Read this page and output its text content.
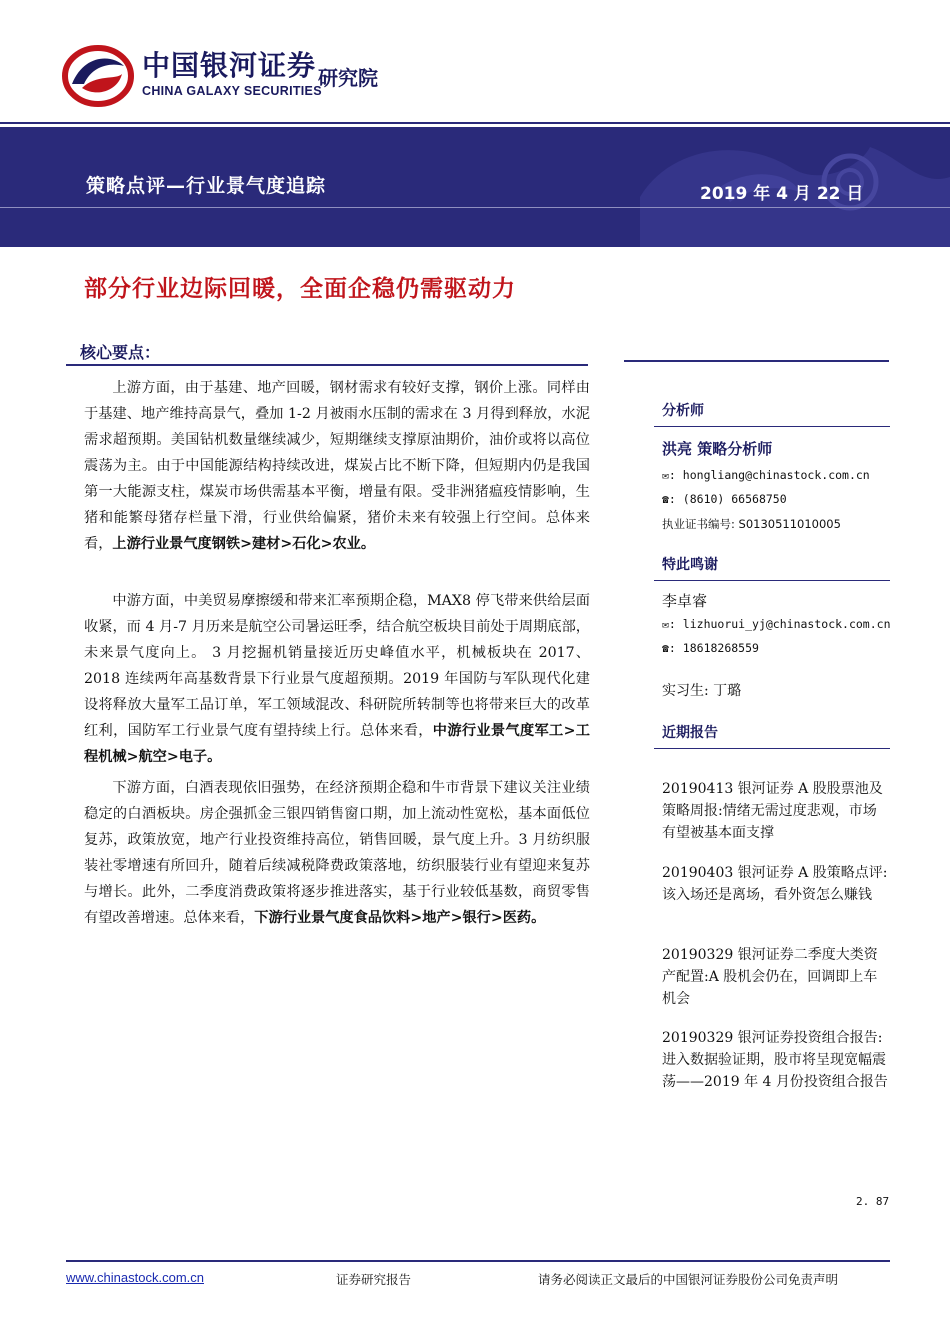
中国银河证券
CHINA GALAXY SECURITIES
研究院
策略点评—行业景气度追踪	2019 年 4 月 22 日
部分行业边际回暖，全面企稳仍需驱动力
核心要点：

上游方面，由于基建、地产回暖，钢材需求有较好支撑，钢价上涨。同样由于基建、地产维持高景气，叠加 1-2 月被雨水压制的需求在 3 月得到释放，水泥需求超预期。美国钻机数量继续减少，短期继续支撑原油期价，油价或将以高位震荡为主。由于中国能源结构持续改进，煤炭占比不断下降，但短期内仍是我国第一大能源支柱，煤炭市场供需基本平衡，增量有限。受非洲猪瘟疫情影响，生猪和能繁母猪存栏量下滑，行业供给偏紧，猪价未来有较强上行空间。总体来看，上游行业景气度钢铁>建材>石化>农业。

中游方面，中美贸易摩擦缓和带来汇率预期企稳，MAX8 停飞带来供给层面收紧，而 4 月-7 月历来是航空公司暑运旺季，结合航空板块目前处于周期底部，未来景气度向上。 3 月挖掘机销量接近历史峰值水平，机械板块在 2017、2018 连续两年高基数背景下行业景气度超预期。2019 年国防与军队现代化建设将释放大量军工品订单，军工领域混改、科研院所转制等也将带来巨大的改革红利，国防军工行业景气度有望持续上行。总体来看，中游行业景气度军工>工程机械>航空>电子。

下游方面，白酒表现依旧强势，在经济预期企稳和牛市背景下建议关注业绩稳定的白酒板块。房企强抓金三银四销售窗口期，加上流动性宽松，基本面低位复苏，政策放宽，地产行业投资维持高位，销售回暖，景气度上升。3 月纺织服装社零增速有所回升，随着后续减税降费政策落地，纺织服装行业有望迎来复苏与增长。此外，二季度消费政策将逐步推进落实，基于行业较低基数，商贸零售有望改善增速。总体来看，下游行业景气度食品饮料>地产>银行>医药。

分析师
洪亮 策略分析师
✉: hongliang@chinastock.com.cn
☎: (8610) 66568750
执业证书编号: S0130511010005
特此鸣谢
李卓睿
✉: lizhuorui_yj@chinastock.com.cn
☎: 18618268559
实习生: 丁璐
近期报告
20190413 银河证券 A 股股票池及策略周报:情绪无需过度悲观，市场有望被基本面支撑
20190403 银河证券 A 股策略点评: 该入场还是离场，看外资怎么赚钱
20190329 银河证券二季度大类资产配置:A 股机会仍在，回调即上车机会
20190329 银河证券投资组合报告: 进入数据验证期，股市将呈现宽幅震荡——2019 年 4 月份投资组合报告
2. 87
www.chinastock.com.cn	证券研究报告	请务必阅读正文最后的中国银河证券股份公司免责声明
